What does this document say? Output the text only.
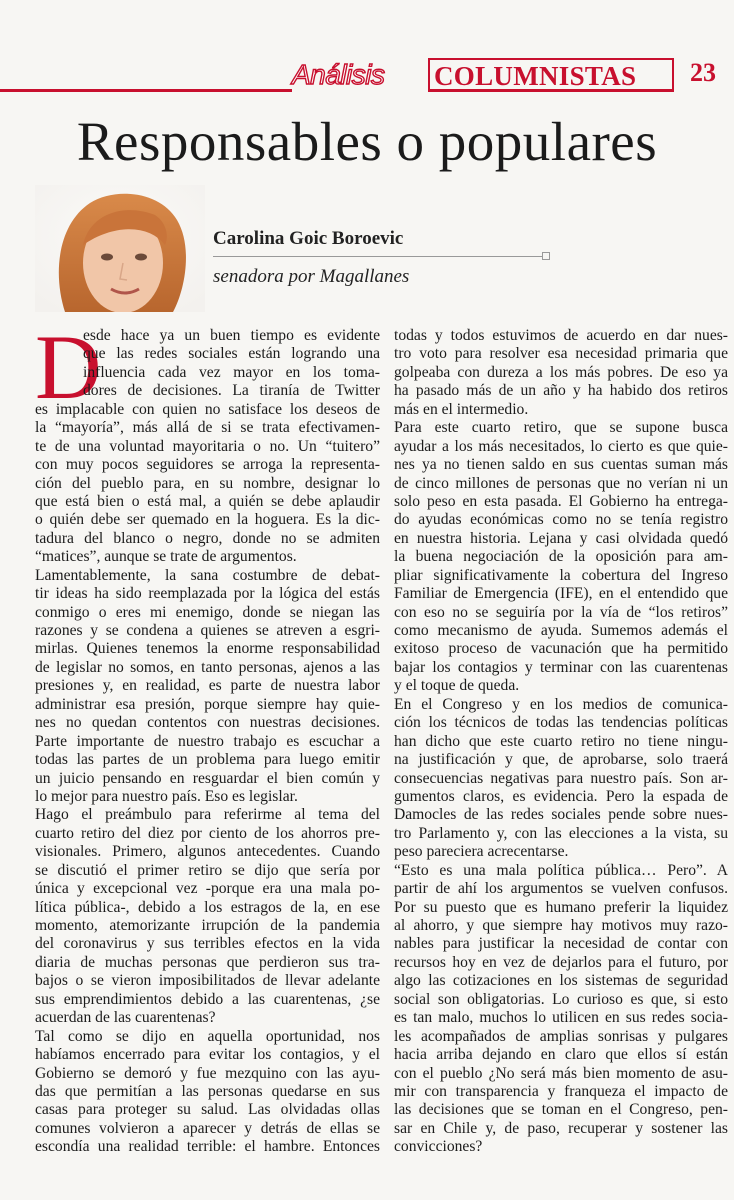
Análisis COLUMNISTAS 23
Responsables o populares
Carolina Goic Boroevic
senadora por Magallanes
D
esde hace ya un buen tiempo es evidente
que las redes sociales están logrando una
influencia cada vez mayor en los toma-
dores de decisiones. La tiranía de Twitter
es implacable con quien no satisface los deseos de
la “mayoría”, más allá de si se trata efectivamen-
te de una voluntad mayoritaria o no. Un “tuitero”
con muy pocos seguidores se arroga la representa-
ción del pueblo para, en su nombre, designar lo
que está bien o está mal, a quién se debe aplaudir
o quién debe ser quemado en la hoguera. Es la dic-
tadura del blanco o negro, donde no se admiten
“matices”, aunque se trate de argumentos.
Lamentablemente, la sana costumbre de debat-
tir ideas ha sido reemplazada por la lógica del estás
conmigo o eres mi enemigo, donde se niegan las
razones y se condena a quienes se atreven a esgri-
mirlas. Quienes tenemos la enorme responsabilidad
de legislar no somos, en tanto personas, ajenos a las
presiones y, en realidad, es parte de nuestra labor
administrar esa presión, porque siempre hay quie-
nes no quedan contentos con nuestras decisiones.
Parte importante de nuestro trabajo es escuchar a
todas las partes de un problema para luego emitir
un juicio pensando en resguardar el bien común y
lo mejor para nuestro país. Eso es legislar.
Hago el preámbulo para referirme al tema del
cuarto retiro del diez por ciento de los ahorros pre-
visionales. Primero, algunos antecedentes. Cuando
se discutió el primer retiro se dijo que sería por
única y excepcional vez -porque era una mala po-
lítica pública-, debido a los estragos de la, en ese
momento, atemorizante irrupción de la pandemia
del coronavirus y sus terribles efectos en la vida
diaria de muchas personas que perdieron sus tra-
bajos o se vieron imposibilitados de llevar adelante
sus emprendimientos debido a las cuarentenas, ¿se
acuerdan de las cuarentenas?
Tal como se dijo en aquella oportunidad, nos
habíamos encerrado para evitar los contagios, y el
Gobierno se demoró y fue mezquino con las ayu-
das que permitían a las personas quedarse en sus
casas para proteger su salud. Las olvidadas ollas
comunes volvieron a aparecer y detrás de ellas se
escondía una realidad terrible: el hambre. Entonces
todas y todos estuvimos de acuerdo en dar nues-
tro voto para resolver esa necesidad primaria que
golpeaba con dureza a los más pobres. De eso ya
ha pasado más de un año y ha habido dos retiros
más en el intermedio.
Para este cuarto retiro, que se supone busca
ayudar a los más necesitados, lo cierto es que quie-
nes ya no tienen saldo en sus cuentas suman más
de cinco millones de personas que no verían ni un
solo peso en esta pasada. El Gobierno ha entrega-
do ayudas económicas como no se tenía registro
en nuestra historia. Lejana y casi olvidada quedó
la buena negociación de la oposición para am-
pliar significativamente la cobertura del Ingreso
Familiar de Emergencia (IFE), en el entendido que
con eso no se seguiría por la vía de “los retiros”
como mecanismo de ayuda. Sumemos además el
exitoso proceso de vacunación que ha permitido
bajar los contagios y terminar con las cuarentenas
y el toque de queda.
En el Congreso y en los medios de comunica-
ción los técnicos de todas las tendencias políticas
han dicho que este cuarto retiro no tiene ningu-
na justificación y que, de aprobarse, solo traerá
consecuencias negativas para nuestro país. Son ar-
gumentos claros, es evidencia. Pero la espada de
Damocles de las redes sociales pende sobre nues-
tro Parlamento y, con las elecciones a la vista, su
peso pareciera acrecentarse.
“Esto es una mala política pública… Pero”. A
partir de ahí los argumentos se vuelven confusos.
Por su puesto que es humano preferir la liquidez
al ahorro, y que siempre hay motivos muy razo-
nables para justificar la necesidad de contar con
recursos hoy en vez de dejarlos para el futuro, por
algo las cotizaciones en los sistemas de seguridad
social son obligatorias. Lo curioso es que, si esto
es tan malo, muchos lo utilicen en sus redes socia-
les acompañados de amplias sonrisas y pulgares
hacia arriba dejando en claro que ellos sí están
con el pueblo ¿No será más bien momento de asu-
mir con transparencia y franqueza el impacto de
las decisiones que se toman en el Congreso, pen-
sar en Chile y, de paso, recuperar y sostener las
convicciones?
